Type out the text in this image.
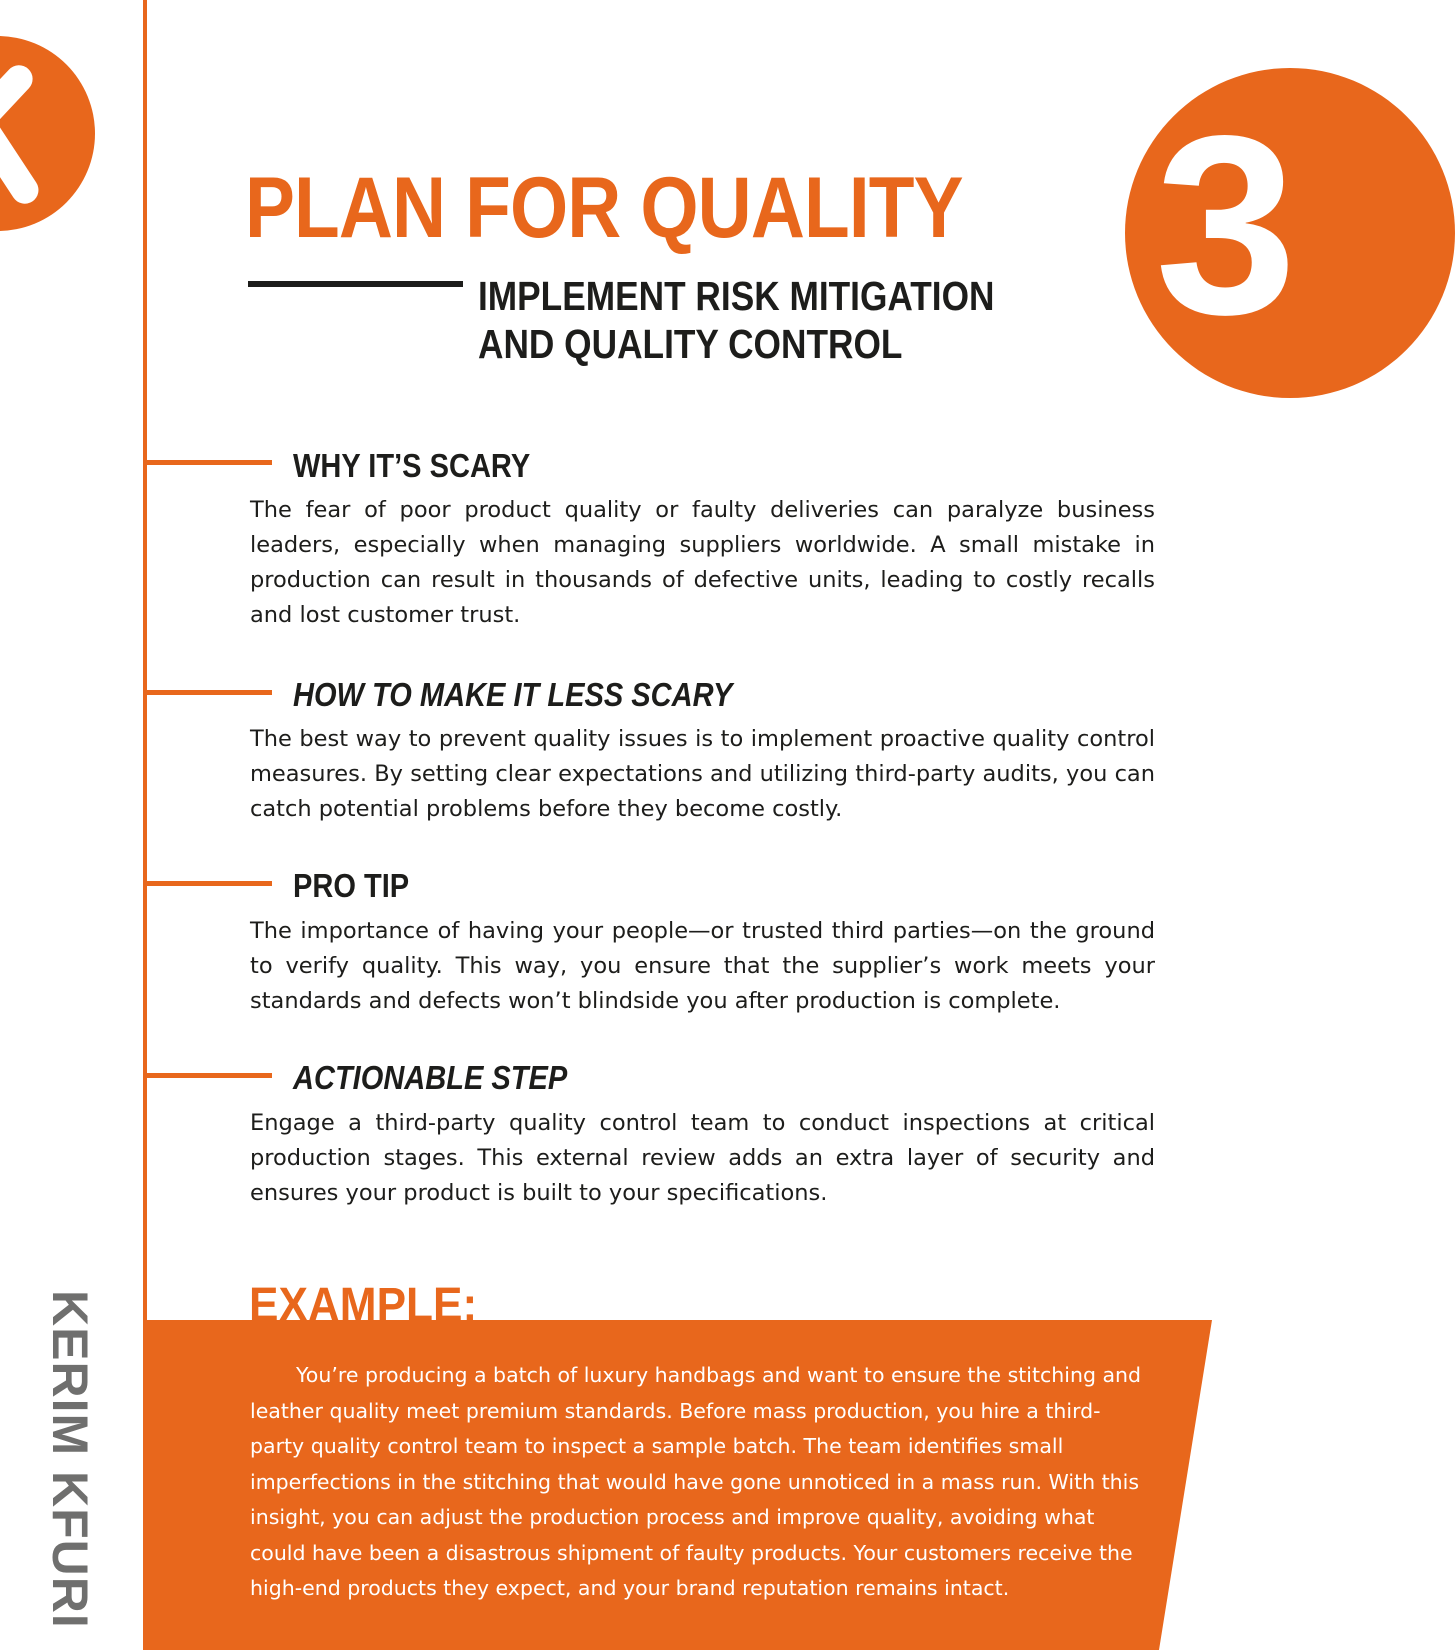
3
PLAN FOR QUALITY
IMPLEMENT RISK MITIGATION
AND QUALITY CONTROL
WHY IT’S SCARY

The fear of poor product quality or faulty deliveries can paralyze business leaders, especially when managing suppliers worldwide. A small mistake in production can result in thousands of defective units, leading to costly recalls and lost customer trust.

HOW TO MAKE IT LESS SCARY

The best way to prevent quality issues is to implement proactive quality control measures. By setting clear expectations and utilizing third-party audits, you can catch potential problems before they become costly.

PRO TIP

The importance of having your people—or trusted third parties—on the ground to verify quality. This way, you ensure that the supplier’s work meets your standards and defects won’t blindside you after production is complete.

ACTIONABLE STEP

Engage a third-party quality control team to conduct inspections at critical production stages. This external review adds an extra layer of security and ensures your product is built to your specifications.

EXAMPLE:

You’re producing a batch of luxury handbags and want to ensure the stitching and leather quality meet premium standards. Before mass production, you hire a third-party quality control team to inspect a sample batch. The team identifies small imperfections in the stitching that would have gone unnoticed in a mass run. With this insight, you can adjust the production process and improve quality, avoiding what could have been a disastrous shipment of faulty products. Your customers receive the high-end products they expect, and your brand reputation remains intact.

KERIM KFURI
